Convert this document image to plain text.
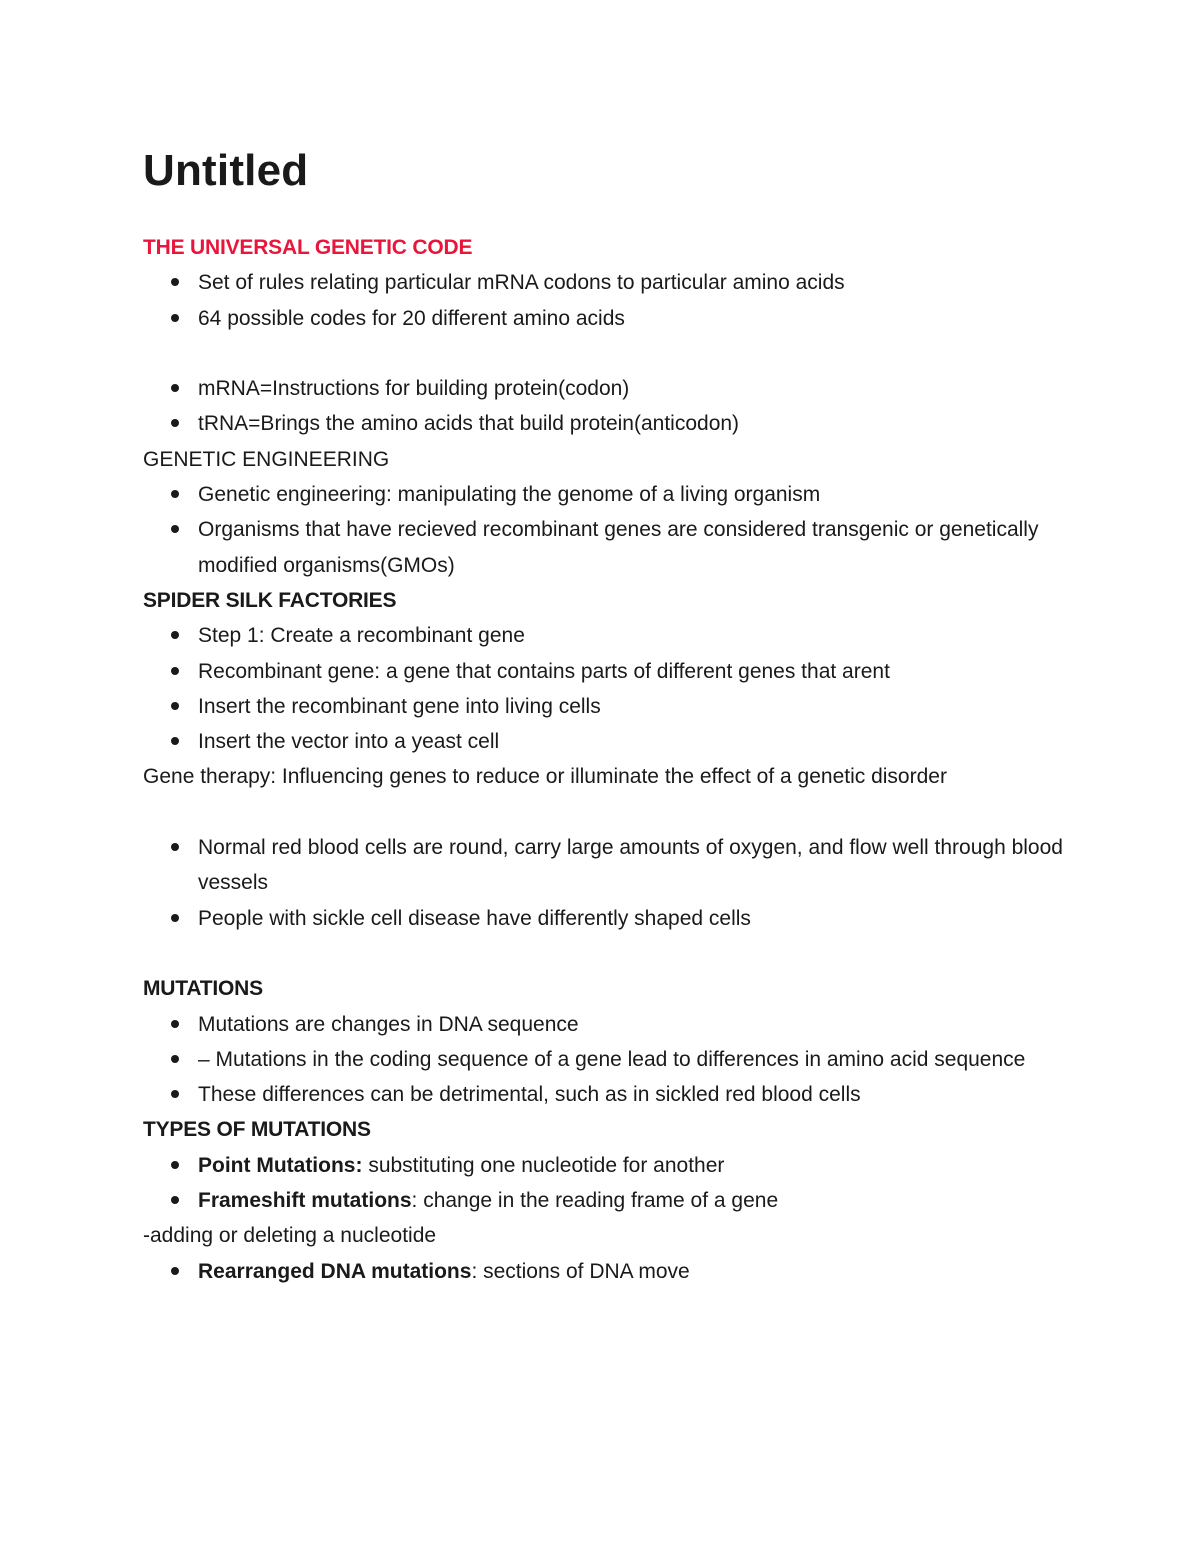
Untitled

THE UNIVERSAL GENETIC CODE

Set of rules relating particular mRNA codons to particular amino acids
64 possible codes for 20 different amino acids
mRNA=Instructions for building protein(codon)
tRNA=Brings the amino acids that build protein(anticodon)

GENETIC ENGINEERING

Genetic engineering: manipulating the genome of a living organism
Organisms that have recieved recombinant genes are considered transgenic or genetically modified organisms(GMOs)

SPIDER SILK FACTORIES

Step 1: Create a recombinant gene
Recombinant gene: a gene that contains parts of different genes that arent
Insert the recombinant gene into living cells
Insert the vector into a yeast cell

Gene therapy: Influencing genes to reduce or illuminate the effect of a genetic disorder

Normal red blood cells are round, carry large amounts of oxygen, and flow well through blood vessels
People with sickle cell disease have differently shaped cells

MUTATIONS

Mutations are changes in DNA sequence
– Mutations in the coding sequence of a gene lead to differences in amino acid sequence
These differences can be detrimental, such as in sickled red blood cells

TYPES OF MUTATIONS

Point Mutations: substituting one nucleotide for another
Frameshift mutations: change in the reading frame of a gene

-adding or deleting a nucleotide

Rearranged DNA mutations: sections of DNA move
